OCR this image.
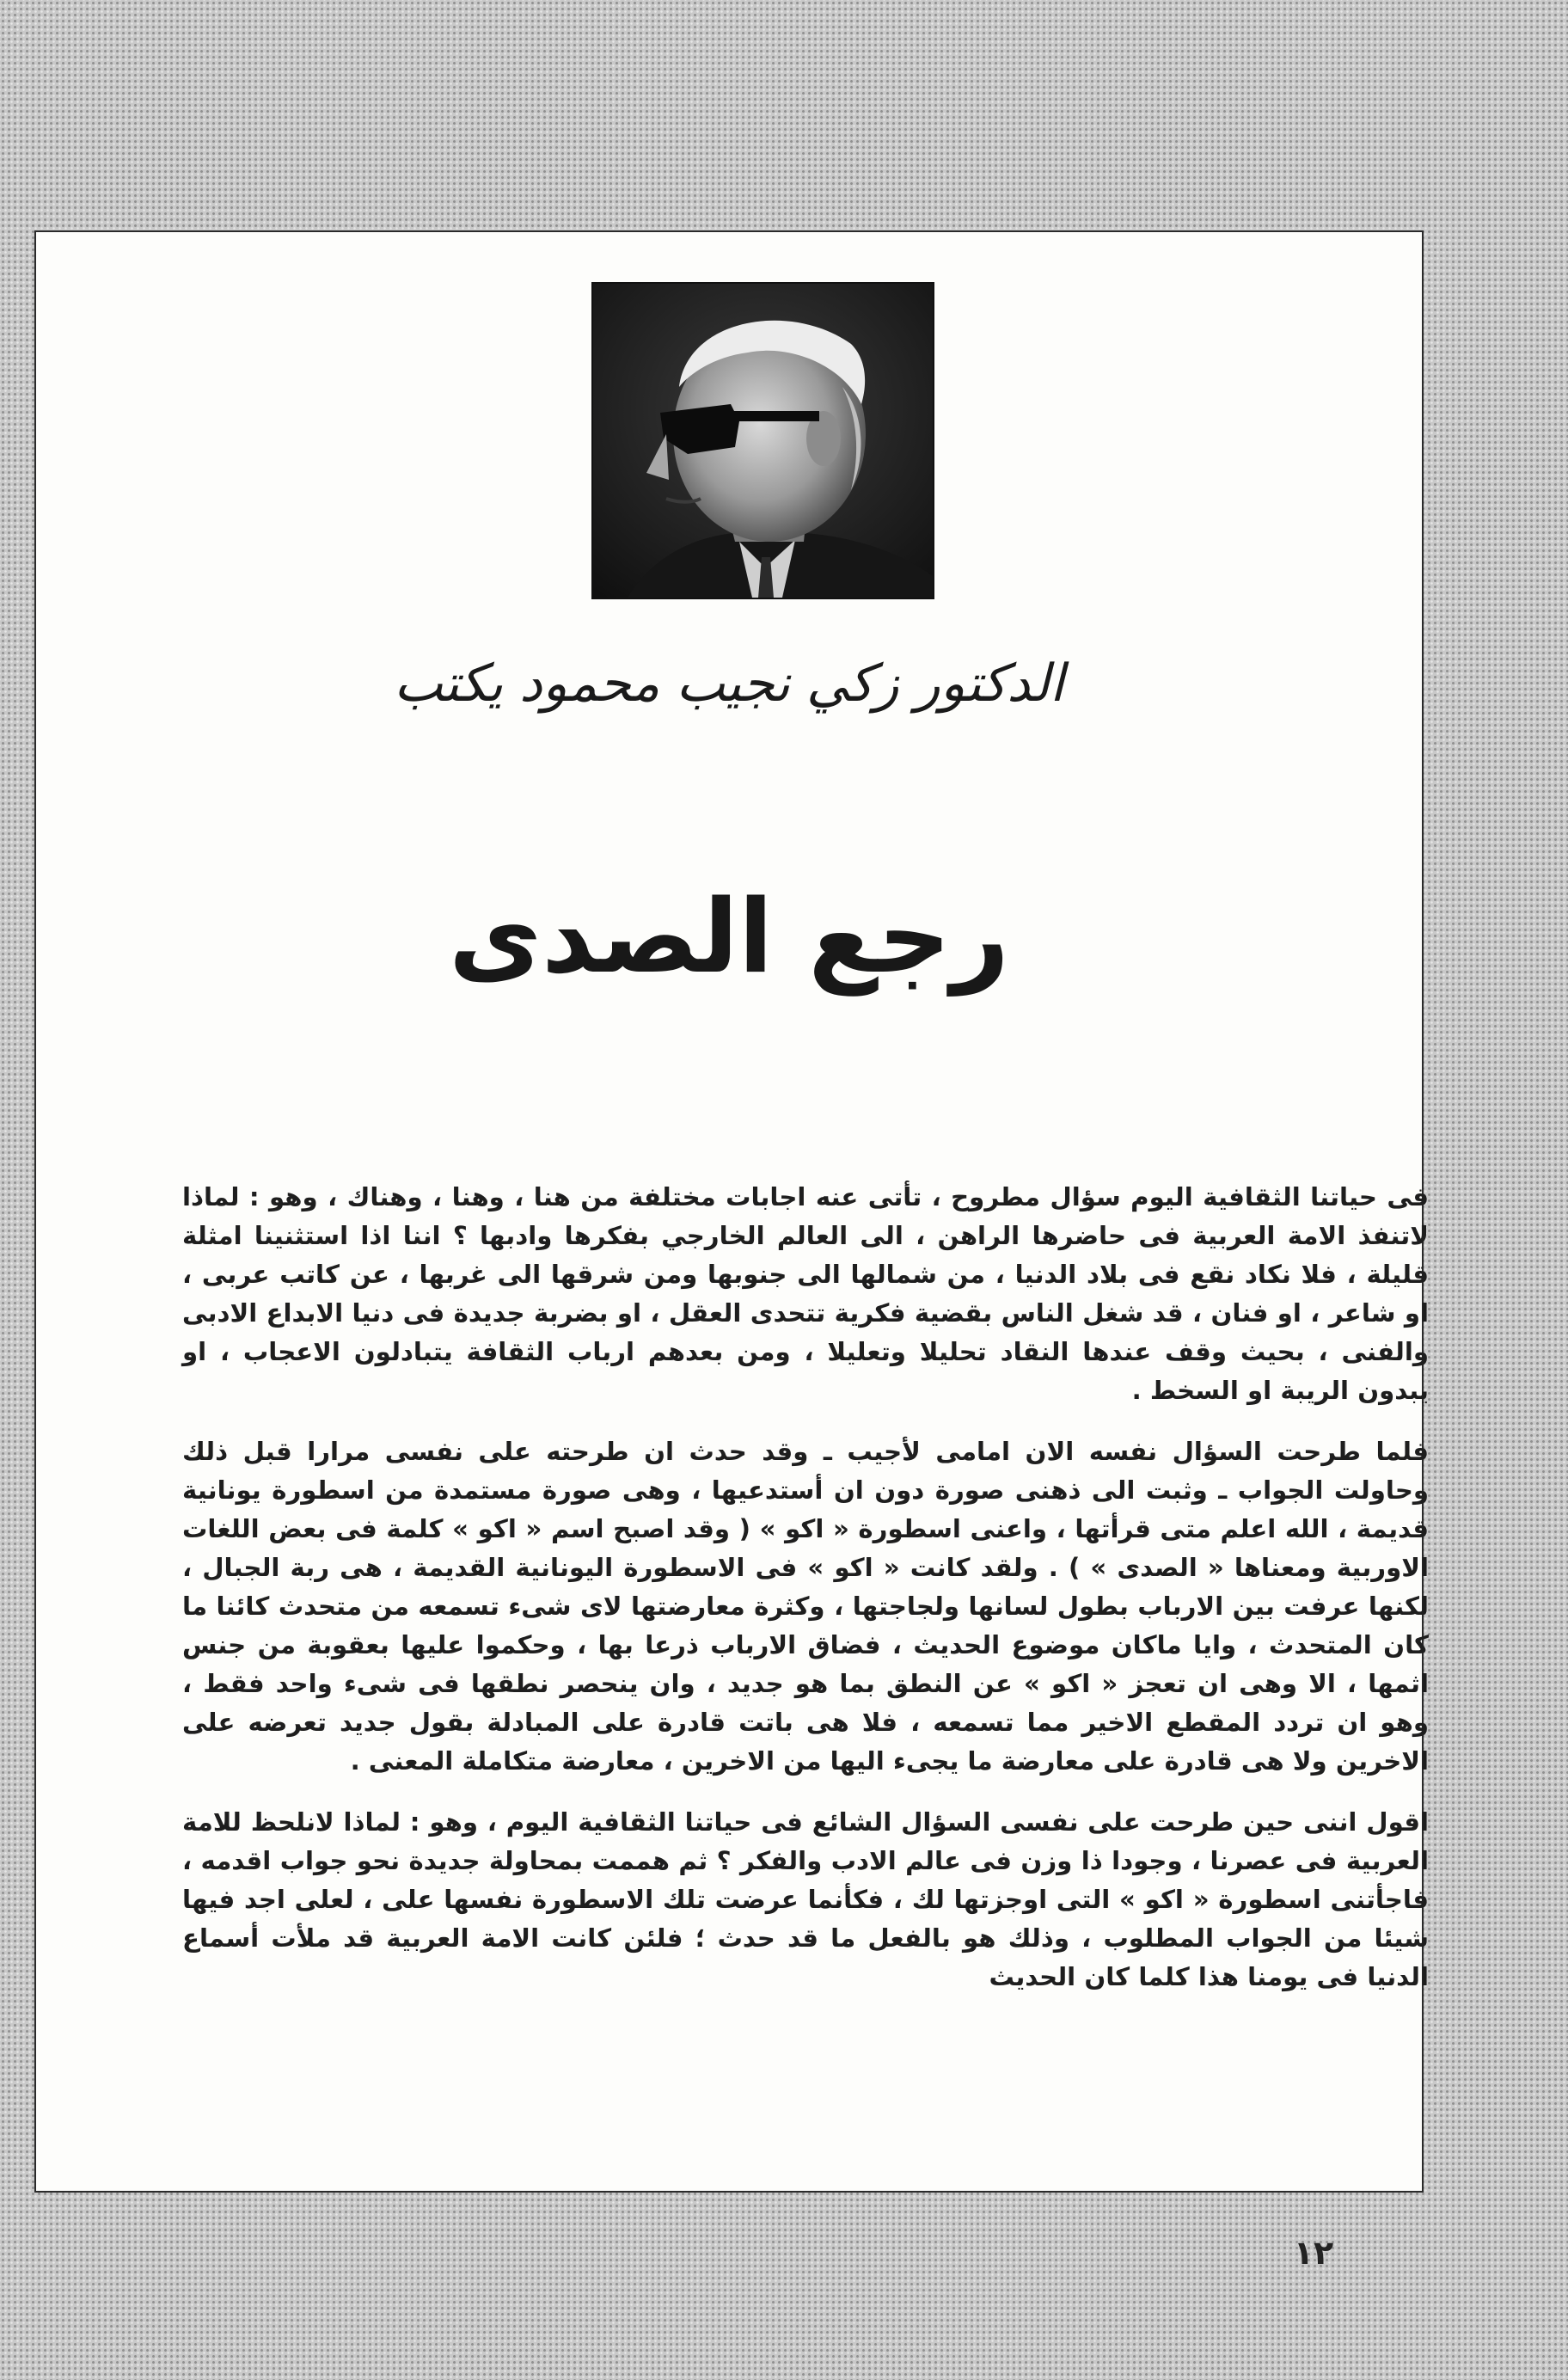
الدكتور زكي نجيب محمود يكتب
رجع الصدى

فى حياتنا الثقافية اليوم سؤال مطروح ، تأتى عنه اجابات مختلفة من هنا ، وهنا ، وهناك ، وهو : لماذا لاتنفذ الامة العربية فى حاضرها الراهن ، الى العالم الخارجي بفكرها وادبها ؟ اننا اذا استثنينا امثلة قليلة ، فلا نكاد نقع فى بلاد الدنيا ، من شمالها الى جنوبها ومن شرقها الى غربها ، عن كاتب عربى ، او شاعر ، او فنان ، قد شغل الناس بقضية فكرية تتحدى العقل ، او بضربة جديدة فى دنيا الابداع الادبى والفنى ، بحيث وقف عندها النقاد تحليلا وتعليلا ، ومن بعدهم ارباب الثقافة يتبادلون الاعجاب ، او يبدون الريبة او السخط .

فلما طرحت السؤال نفسه الان امامى لأجيب ـ وقد حدث ان طرحته على نفسى مرارا قبل ذلك وحاولت الجواب ـ وثبت الى ذهنى صورة دون ان أستدعيها ، وهى صورة مستمدة من اسطورة يونانية قديمة ، الله اعلم متى قرأتها ، واعنى اسطورة « اكو » ( وقد اصبح اسم « اكو » كلمة فى بعض اللغات الاوربية ومعناها « الصدى » ) . ولقد كانت « اكو » فى الاسطورة اليونانية القديمة ، هى ربة الجبال ، لكنها عرفت بين الارباب بطول لسانها ولجاجتها ، وكثرة معارضتها لاى شىء تسمعه من متحدث كائنا ما كان المتحدث ، وايا ماكان موضوع الحديث ، فضاق الارباب ذرعا بها ، وحكموا عليها بعقوبة من جنس اثمها ، الا وهى ان تعجز « اكو » عن النطق بما هو جديد ، وان ينحصر نطقها فى شىء واحد فقط ، وهو ان تردد المقطع الاخير مما تسمعه ، فلا هى باتت قادرة على المبادلة بقول جديد تعرضه على الاخرين ولا هى قادرة على معارضة ما يجىء اليها من الاخرين ، معارضة متكاملة المعنى .

اقول اننى حين طرحت على نفسى السؤال الشائع فى حياتنا الثقافية اليوم ، وهو : لماذا لانلحظ للامة العربية فى عصرنا ، وجودا ذا وزن فى عالم الادب والفكر ؟ ثم هممت بمحاولة جديدة نحو جواب اقدمه ، فاجأتنى اسطورة « اكو » التى اوجزتها لك ، فكأنما عرضت تلك الاسطورة نفسها على ، لعلى اجد فيها شيئا من الجواب المطلوب ، وذلك هو بالفعل ما قد حدث ؛ فلئن كانت الامة العربية قد ملأت أسماع الدنيا فى يومنا هذا كلما كان الحديث

١٢
